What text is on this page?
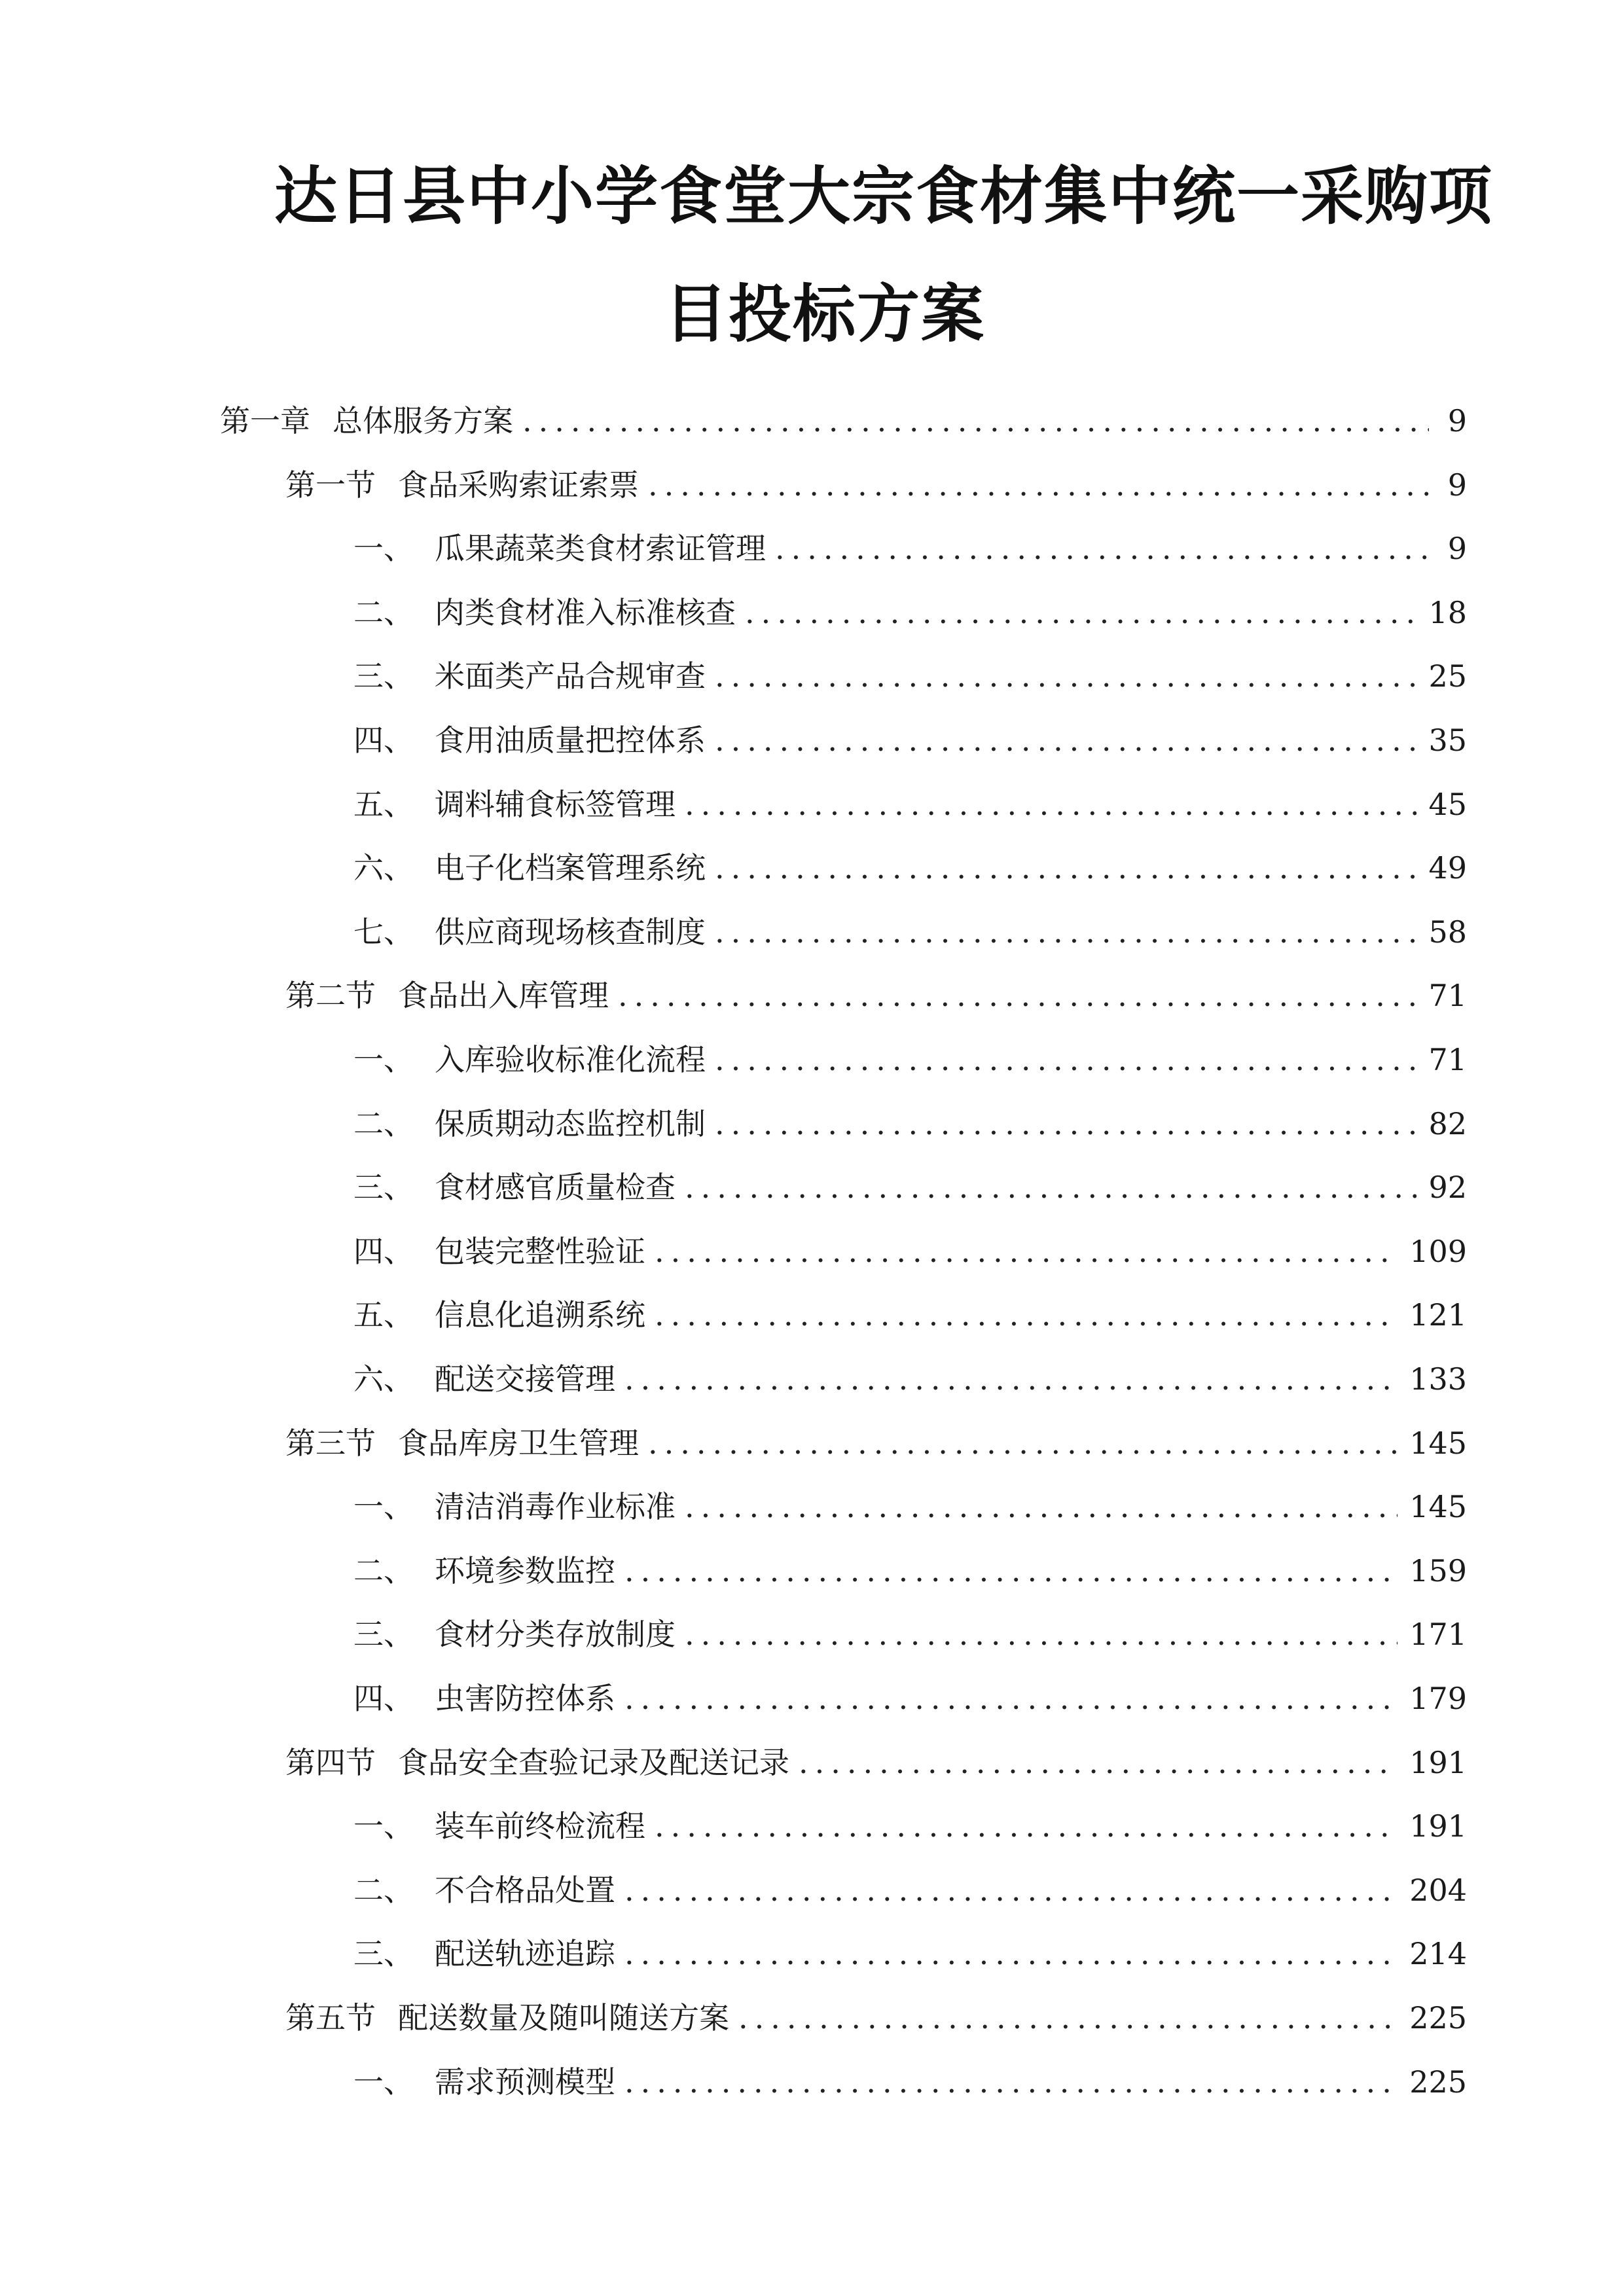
达日县中小学食堂大宗食材集中统一采购项
目投标方案
第一章 总体服务方案 .....	9
第一节 食品采购索证索票 .....	9
一、 瓜果蔬菜类食材索证管理 .....	9
二、 肉类食材准入标准核查 .....	18
三、 米面类产品合规审查 .....	25
四、 食用油质量把控体系 .....	35
五、 调料辅食标签管理 .....	45
六、 电子化档案管理系统 .....	49
七、 供应商现场核查制度 .....	58
第二节 食品出入库管理 .....	71
一、 入库验收标准化流程 .....	71
二、 保质期动态监控机制 .....	82
三、 食材感官质量检查 .....	92
四、 包装完整性验证 .....	109
五、 信息化追溯系统 .....	121
六、 配送交接管理 .....	133
第三节 食品库房卫生管理 .....	145
一、 清洁消毒作业标准 .....	145
二、 环境参数监控 .....	159
三、 食材分类存放制度 .....	171
四、 虫害防控体系 .....	179
第四节 食品安全查验记录及配送记录 .....	191
一、 装车前终检流程 .....	191
二、 不合格品处置 .....	204
三、 配送轨迹追踪 .....	214
第五节 配送数量及随叫随送方案 .....	225
一、 需求预测模型 .....	225
